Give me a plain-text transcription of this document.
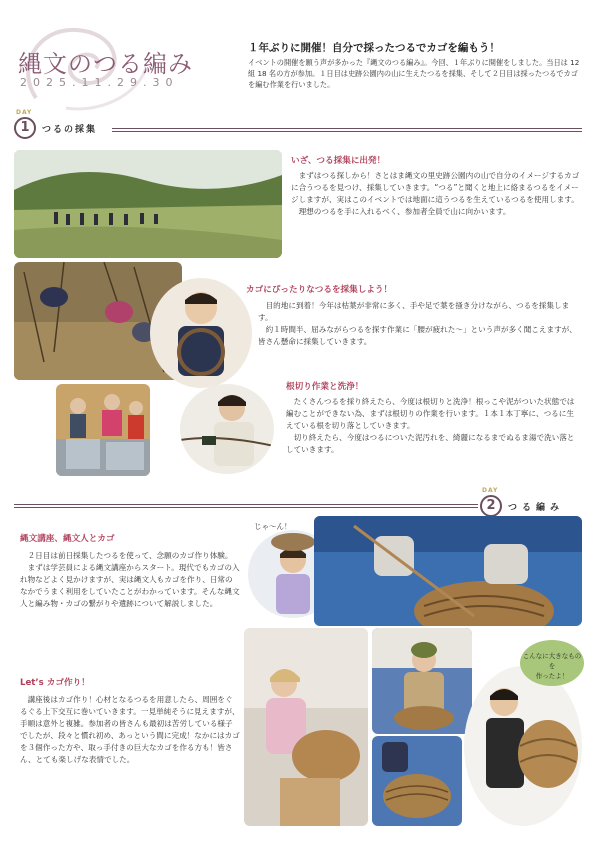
縄文のつる編み
2025.11.29.30
１年ぶりに開催！自分で採ったつるでカゴを編もう！
イベントの開催を願う声が多かった『縄文のつる編み』。今回、１年ぶりに開催をしました。当日は 12 組 18 名の方が参加。１日目は史跡公園内の山に生えたつるを採集、そして２日目は採ったつるでカゴを編む作業を行いました。
DAY
1	つるの採集
いざ、つる採集に出発！
　まずはつる探しから！さとはま縄文の里史跡公園内の山で自分のイメージするカゴに合うつるを見つけ、採集していきます。“つる”と聞くと地上に絡まるつるをイメージしますが、実はこのイベントでは地面に這うつるを生えているつるを使用します。
　理想のつるを手に入れるべく、参加者全員で山に向かいます。
カゴにぴったりなつるを採集しよう！
　目的地に到着！今年は枯葉が非常に多く、手や足で葉を掻き分けながら、つるを採集します。
　約１時間半、屈みながらつるを探す作業に「腰が疲れた〜」という声が多く聞こえますが、皆さん懸命に採集していきます。
根切り作業と洗浄！
　たくさんつるを採り終えたら、今度は根切りと洗浄！根っこや泥がついた状態では編むことができない為、まずは根切りの作業を行います。１本１本丁寧に、つるに生えている根を切り落としていきます。
　切り終えたら、今度はつるについた泥汚れを、綺麗になるまでぬるま湯で洗い落としていきます。
DAY
2	つる編み
縄文講座、縄文人とカゴ
　２日目は前日採集したつるを使って、念願のカゴ作り体験。
　まずは学芸員による縄文講座からスタート。現代でもカゴの入れ物などよく見かけますが、実は縄文人もカゴを作り、日常のなかでうまく利用をしていたことがわかっています。そんな縄文人と編み物・カゴの繋がりや遺跡について解説しました。
Let’s カゴ作り！
　講座後はカゴ作り！心材となるつるを用意したら、周囲をぐるぐる上下交互に巻いていきます。一見単純そうに見えますが、手順は意外と複雑。参加者の皆さんも最初は苦労している様子でしたが、段々と慣れ初め、あっという間に完成！なかにはカゴを３個作った方や、取っ手付きの巨大なカゴを作る方も！皆さん、とても楽しげな表情でした。
じゃ〜ん！
こんなに大きなものを
作ったよ！
